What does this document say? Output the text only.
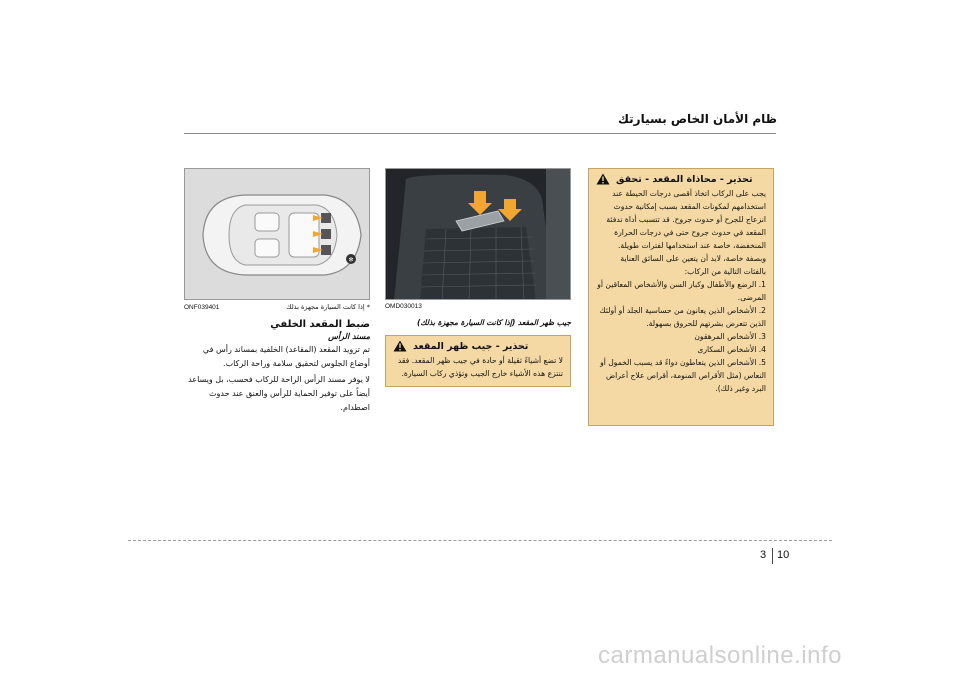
ظام الأمان الخاص بسيارتك
✻
ONF039401	* إذا كانت السيارة مجهزة بذلك
ضبط المقعد الخلفي
مسند الرأس
تم تزويد المقعد (المقاعد) الخلفية بمساند رأس في أوضاع الجلوس لتحقيق سلامة وراحة الركاب.
لا يوفر مسند الرأس الراحة للركاب فحسب، بل ويساعد أيضاً على توفير الحماية للرأس والعنق عند حدوث اصطدام.
OMD030013
جيب ظهر المقعد (إذا كانت السيارة مجهزة بذلك)
تحذير - جيب ظهر المقعد
لا تضع أشياءً ثقيلة أو حادة في جيب ظهر المقعد. فقد تنتزع هذه الأشياء خارج الجيب وتؤذي ركاب السيارة.
تحذير - محاذاة المقعد - تحقق
يجب على الركاب اتخاذ أقصى درجات الحيطة عند استخدامهم لمكونات المقعد بسبب إمكانية حدوث انزعاج للجرح أو حدوث جروح. قد تتسبب أداة تدفئة المقعد في حدوث جروح حتى في درجات الحرارة المنخفضة، خاصة عند استخدامها لفترات طويلة. وبصفة خاصة، لابد أن يتعين على السائق العناية بالفئات التالية من الركاب:
1. الرضع والأطفال وكبار السن والأشخاص المعاقين أو المرضى.
2. الأشخاص الذين يعانون من حساسية الجلد أو أولئك الذين تتعرض بشرتهم للحروق بسهولة.
3. الأشخاص المرهقون
4. الأشخاص السكارى
5. الأشخاص الذين يتعاطون دواءً قد يسبب الخمول أو النعاس (مثل الأقراص المنومة، أقراص علاج أعراض البرد وغير ذلك).
3 10
carmanualsonline.info
